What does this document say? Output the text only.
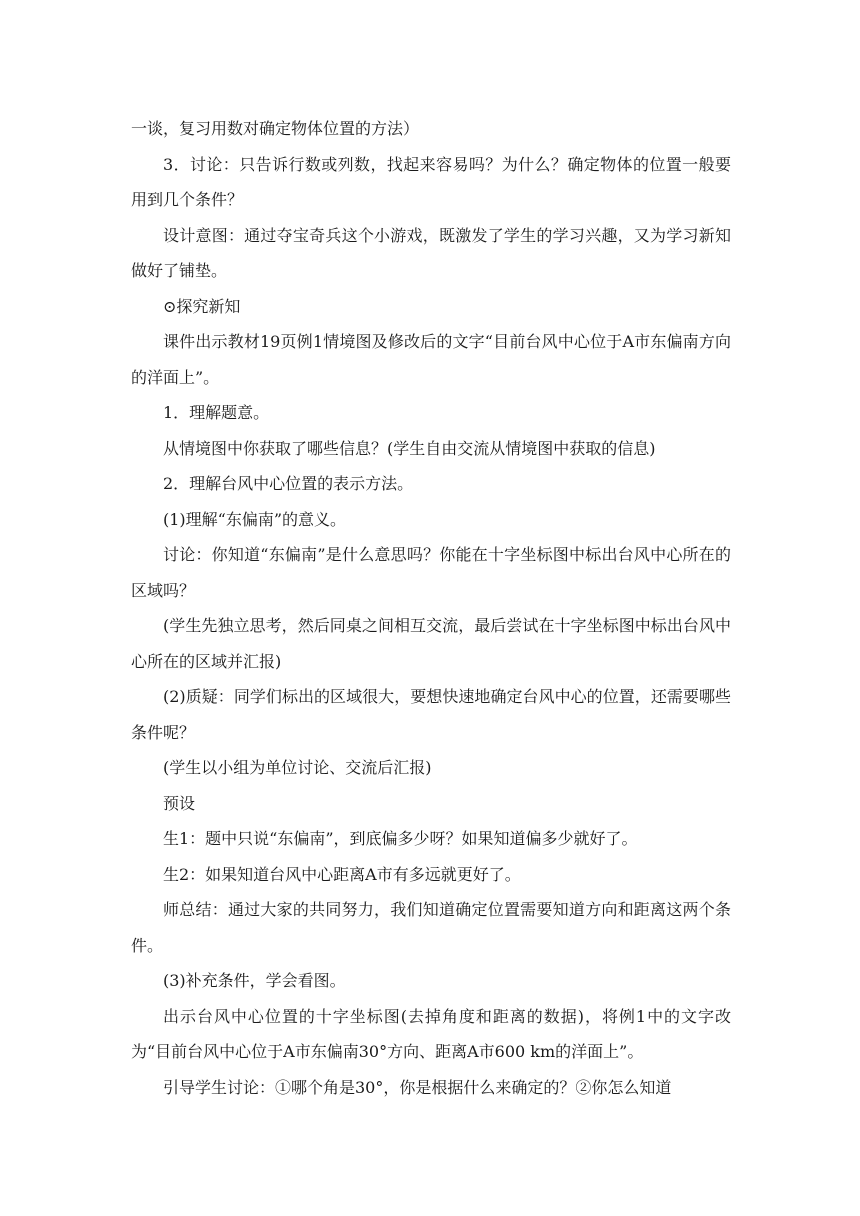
一谈，复习用数对确定物体位置的方法）

3．讨论：只告诉行数或列数，找起来容易吗？为什么？确定物体的位置一般要用到几个条件？

设计意图：通过夺宝奇兵这个小游戏，既激发了学生的学习兴趣，又为学习新知做好了铺垫。

⊙探究新知

课件出示教材19页例1情境图及修改后的文字“目前台风中心位于A市东偏南方向的洋面上”。

1．理解题意。

从情境图中你获取了哪些信息？(学生自由交流从情境图中获取的信息)

2．理解台风中心位置的表示方法。

(1)理解“东偏南”的意义。

讨论：你知道“东偏南”是什么意思吗？你能在十字坐标图中标出台风中心所在的区域吗？

(学生先独立思考，然后同桌之间相互交流，最后尝试在十字坐标图中标出台风中心所在的区域并汇报)

(2)质疑：同学们标出的区域很大，要想快速地确定台风中心的位置，还需要哪些条件呢？

(学生以小组为单位讨论、交流后汇报)

预设

生1：题中只说“东偏南”，到底偏多少呀？如果知道偏多少就好了。

生2：如果知道台风中心距离A市有多远就更好了。

师总结：通过大家的共同努力，我们知道确定位置需要知道方向和距离这两个条件。

(3)补充条件，学会看图。

出示台风中心位置的十字坐标图(去掉角度和距离的数据)，将例1中的文字改为“目前台风中心位于A市东偏南30°方向、距离A市600 km的洋面上”。

引导学生讨论：①哪个角是30°，你是根据什么来确定的？②你怎么知道
